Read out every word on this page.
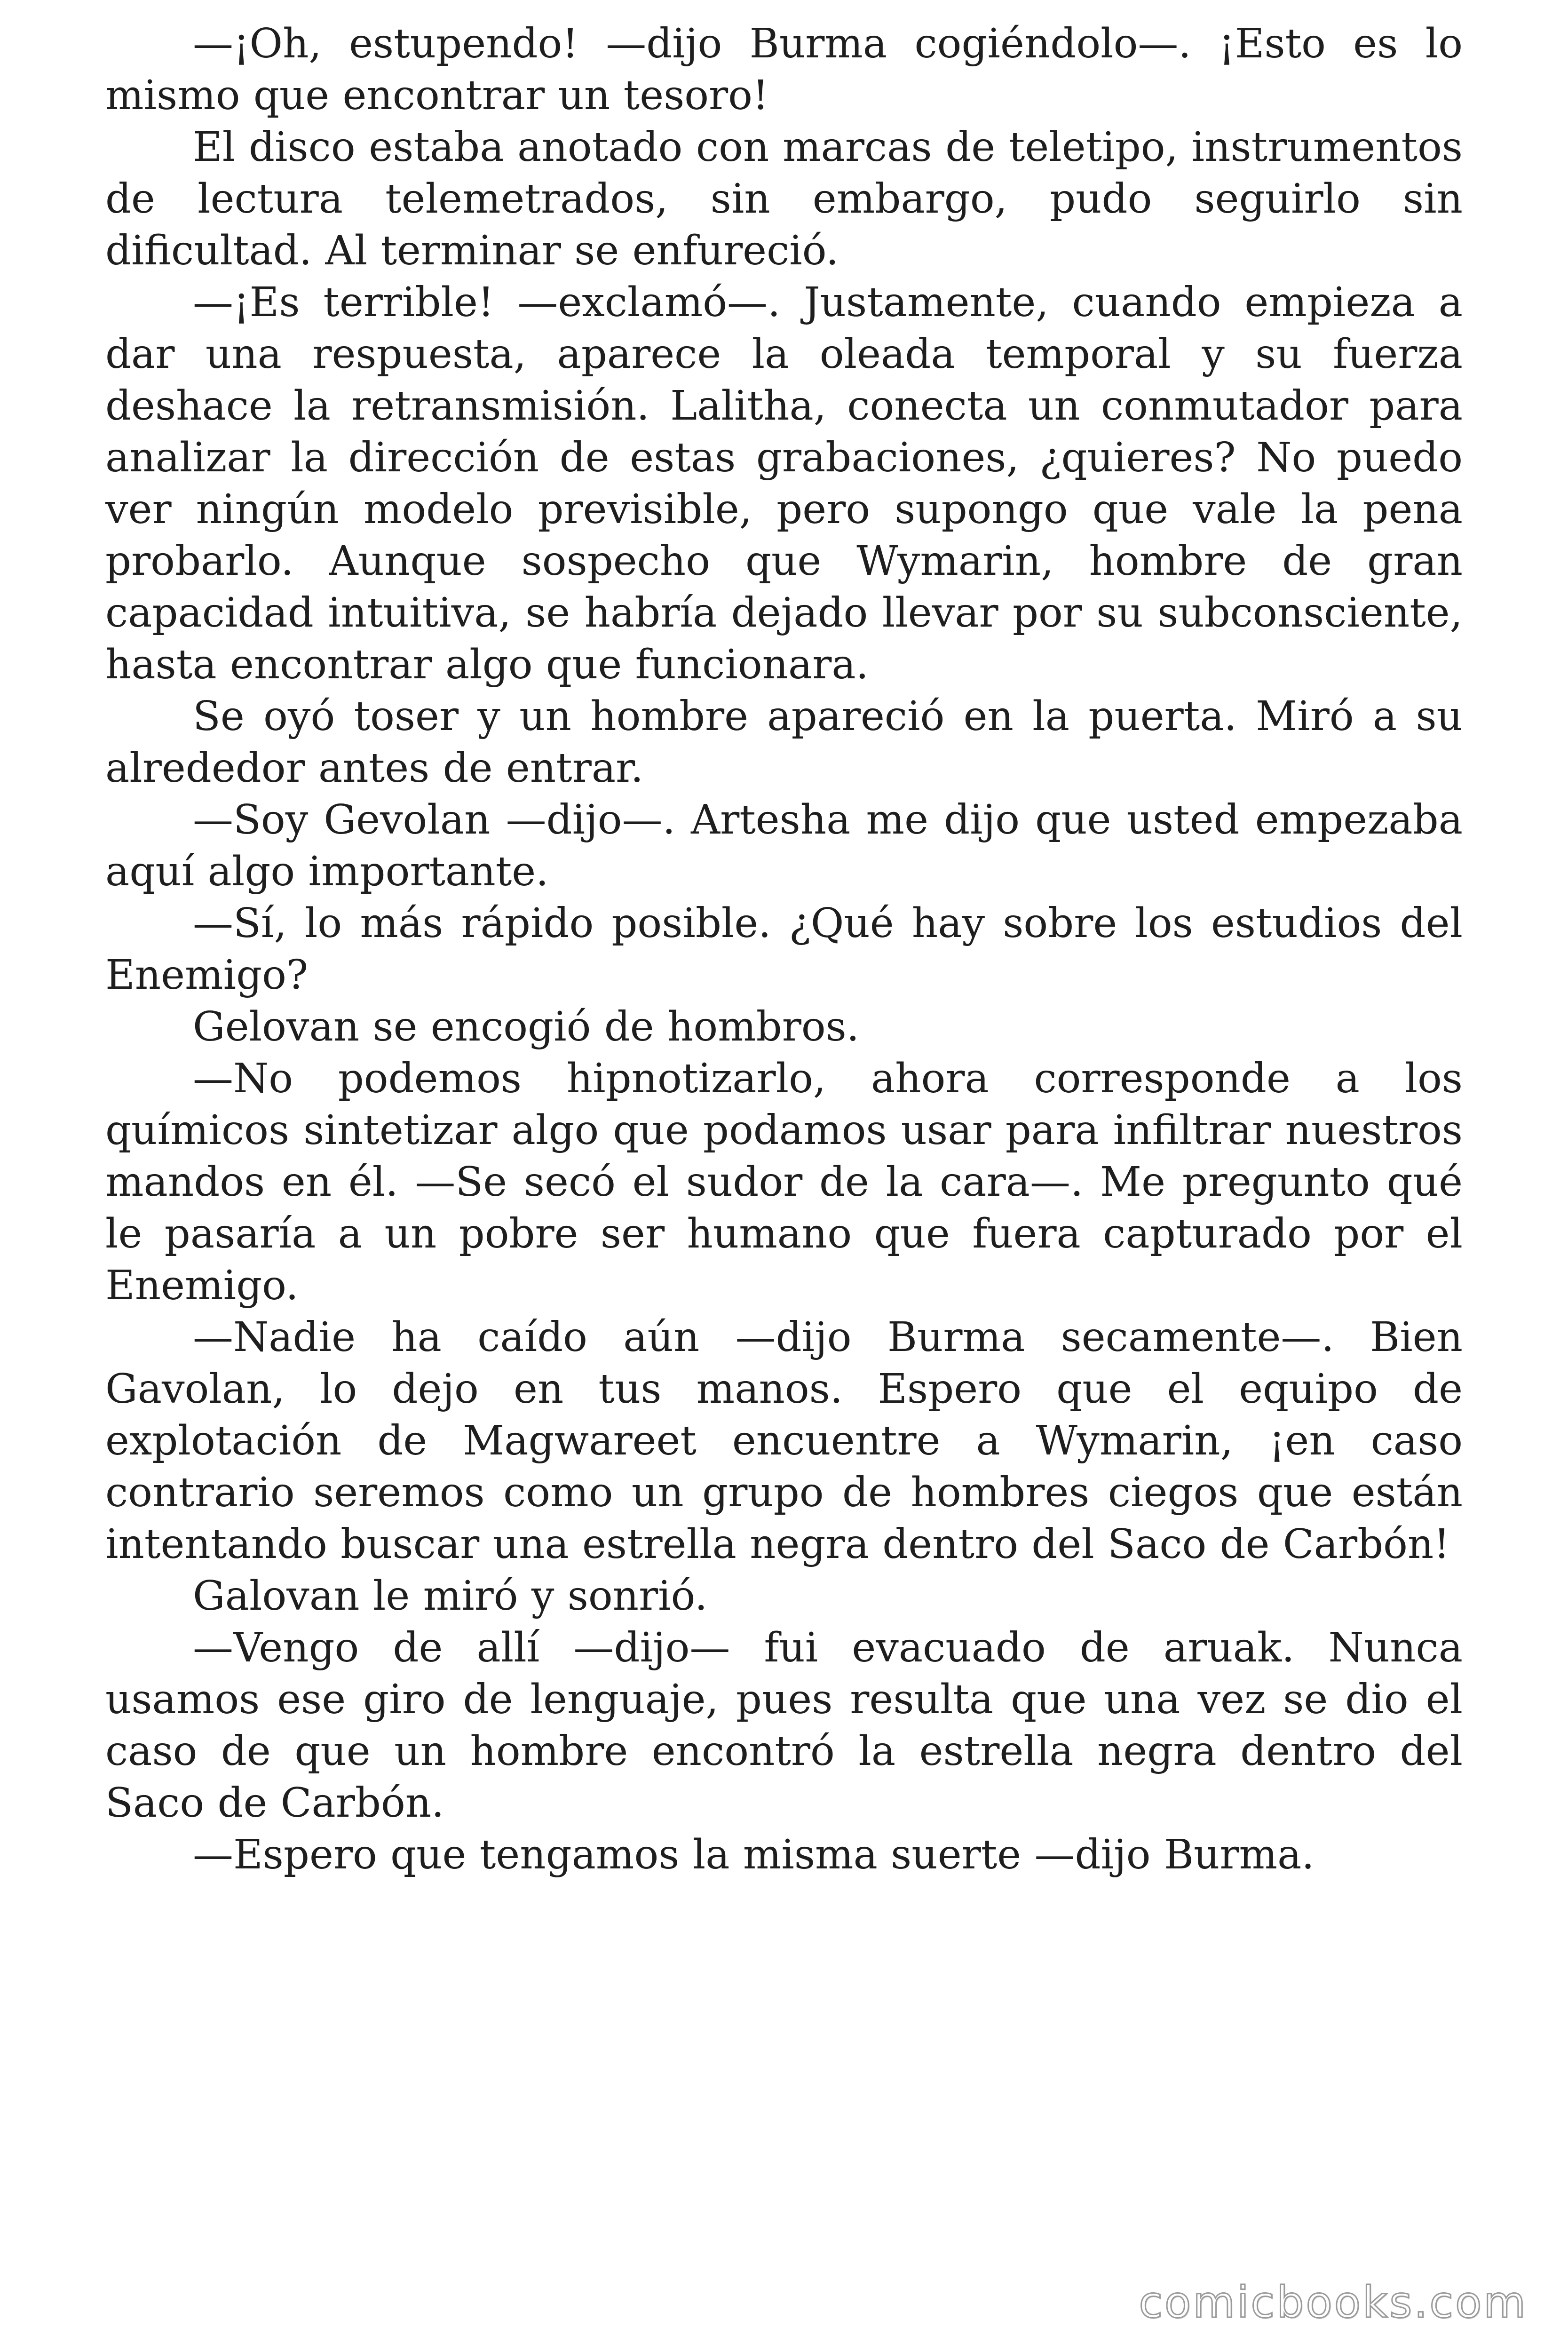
—¡Oh, estupendo! —dijo Burma cogiéndolo—. ¡Esto es lo mismo que encontrar un tesoro!

El disco estaba anotado con marcas de teletipo, instrumentos de lectura telemetrados, sin embargo, pudo seguirlo sin dificultad. Al terminar se enfureció.

—¡Es terrible! —exclamó—. Justamente, cuando empieza a dar una respuesta, aparece la oleada temporal y su fuerza deshace la retransmisión. Lalitha, conecta un conmutador para analizar la dirección de estas grabaciones, ¿quieres? No puedo ver ningún modelo previsible, pero supongo que vale la pena probarlo. Aunque sospecho que Wymarin, hombre de gran capacidad intuitiva, se habría dejado llevar por su subconsciente, hasta encontrar algo que funcionara.

Se oyó toser y un hombre apareció en la puerta. Miró a su alrededor antes de entrar.

—Soy Gevolan —dijo—. Artesha me dijo que usted empezaba aquí algo importante.

—Sí, lo más rápido posible. ¿Qué hay sobre los estudios del Enemigo?

Gelovan se encogió de hombros.

—No podemos hipnotizarlo, ahora corresponde a los químicos sintetizar algo que podamos usar para infiltrar nuestros mandos en él. —Se secó el sudor de la cara—. Me pregunto qué le pasaría a un pobre ser humano que fuera capturado por el Enemigo.

—Nadie ha caído aún —dijo Burma secamente—. Bien Gavolan, lo dejo en tus manos. Espero que el equipo de explotación de Magwareet encuentre a Wymarin, ¡en caso contrario seremos como un grupo de hombres ciegos que están intentando buscar una estrella negra dentro del Saco de Carbón!

Galovan le miró y sonrió.

—Vengo de allí —dijo— fui evacuado de aruak. Nunca usamos ese giro de lenguaje, pues resulta que una vez se dio el caso de que un hombre encontró la estrella negra dentro del Saco de Carbón.

—Espero que tengamos la misma suerte —dijo Burma.

comicbooks.com
